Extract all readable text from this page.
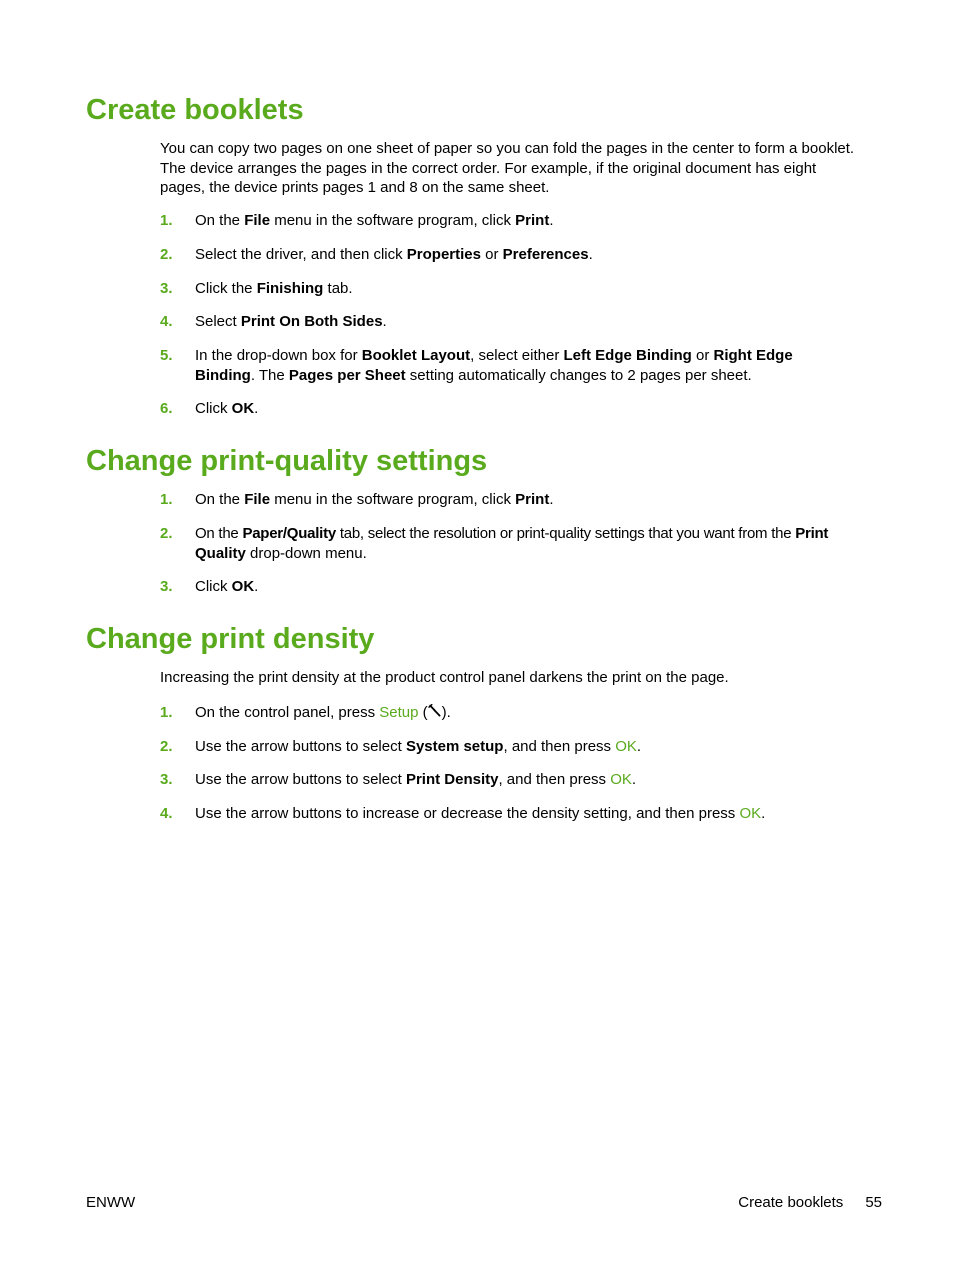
Create booklets
You can copy two pages on one sheet of paper so you can fold the pages in the center to form a booklet.
The device arranges the pages in the correct order. For example, if the original document has eight
pages, the device prints pages 1 and 8 on the same sheet.
1. On the File menu in the software program, click Print.
2. Select the driver, and then click Properties or Preferences.
3. Click the Finishing tab.
4. Select Print On Both Sides.
5. In the drop-down box for Booklet Layout, select either Left Edge Binding or Right Edge
Binding. The Pages per Sheet setting automatically changes to 2 pages per sheet.
6. Click OK.
Change print-quality settings
1. On the File menu in the software program, click Print.
2. On the Paper/Quality tab, select the resolution or print-quality settings that you want from the Print
Quality drop-down menu.
3. Click OK.
Change print density
Increasing the print density at the product control panel darkens the print on the page.
1. On the control panel, press Setup ( ).
2. Use the arrow buttons to select System setup, and then press OK.
3. Use the arrow buttons to select Print Density, and then press OK.
4. Use the arrow buttons to increase or decrease the density setting, and then press OK.
ENWW	Create booklets 55
